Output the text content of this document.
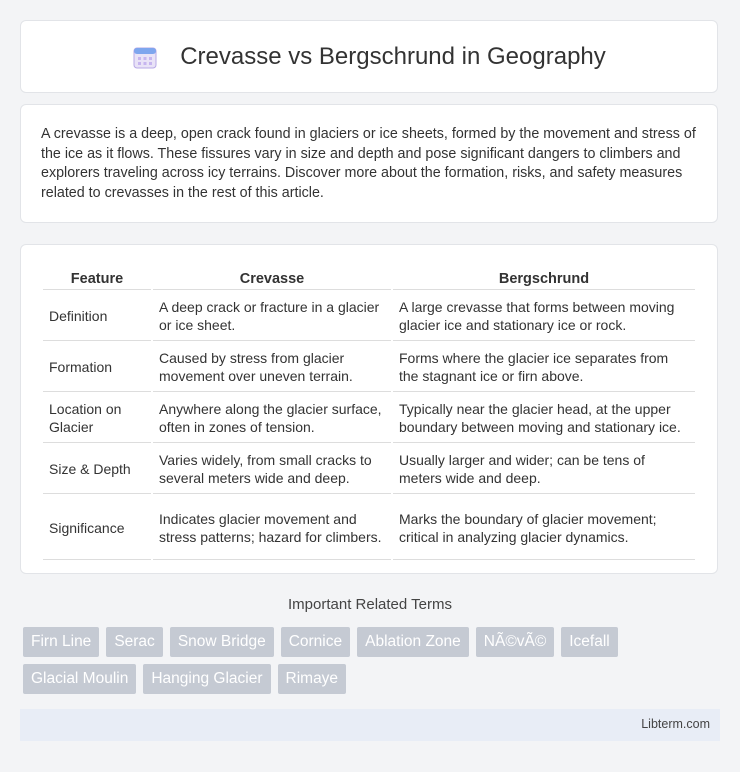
Crevasse vs Bergschrund in Geography

A crevasse is a deep, open crack found in glaciers or ice sheets, formed by the movement and stress of the ice as it flows. These fissures vary in size and depth and pose significant dangers to climbers and explorers traveling across icy terrains. Discover more about the formation, risks, and safety measures related to crevasses in the rest of this article.

Feature	Crevasse	Bergschrund
Definition	A deep crack or fracture in a glacier or ice sheet.	A large crevasse that forms between moving glacier ice and stationary ice or rock.
Formation	Caused by stress from glacier movement over uneven terrain.	Forms where the glacier ice separates from the stagnant ice or firn above.
Location on Glacier	Anywhere along the glacier surface, often in zones of tension.	Typically near the glacier head, at the upper boundary between moving and stationary ice.
Size & Depth	Varies widely, from small cracks to several meters wide and deep.	Usually larger and wider; can be tens of meters wide and deep.
Significance	Indicates glacier movement and stress patterns; hazard for climbers.	Marks the boundary of glacier movement; critical in analyzing glacier dynamics.
Important Related Terms
Firn Line	Serac	Snow Bridge	Cornice	Ablation Zone	NÃ©vÃ©	Icefall
Glacial Moulin	Hanging Glacier	Rimaye
Libterm.com
